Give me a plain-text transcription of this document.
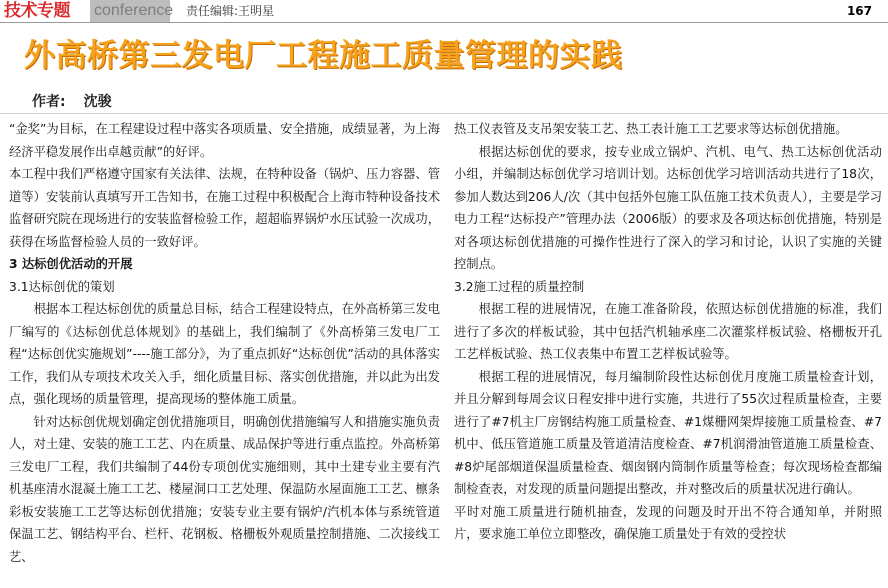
技术专题 conference 责任编辑:王明星	167
外高桥第三发电厂工程施工质量管理的实践
作者: 沈骏

“金奖”为目标，在工程建设过程中落实各项质量、安全措施，成绩显著，为上海经济平稳发展作出卓越贡献”的好评。

本工程中我们严格遵守国家有关法律、法规，在特种设备（锅炉、压力容器、管道等）安装前认真填写开工告知书，在施工过程中积极配合上海市特种设备技术监督研究院在现场进行的安装监督检验工作，超超临界锅炉水压试验一次成功，获得在场监督检验人员的一致好评。

3 达标创优活动的开展

3.1达标创优的策划

根据本工程达标创优的质量总目标，结合工程建设特点，在外高桥第三发电厂编写的《达标创优总体规划》的基础上，我们编制了《外高桥第三发电厂工程“达标创优实施规划”----施工部分》，为了重点抓好“达标创优”活动的具体落实工作，我们从专项技术攻关入手，细化质量目标、落实创优措施，并以此为出发点，强化现场的质量管理，提高现场的整体施工质量。

针对达标创优规划确定创优措施项目，明确创优措施编写人和措施实施负责人，对土建、安装的施工工艺、内在质量、成品保护等进行重点监控。外高桥第三发电厂工程，我们共编制了44份专项创优实施细则，其中土建专业主要有汽机基座清水混凝土施工工艺、楼屋洞口工艺处理、保温防水屋面施工工艺、檩条彩板安装施工工艺等达标创优措施；安装专业主要有锅炉/汽机本体与系统管道保温工艺、钢结构平台、栏杆、花钢板、格栅板外观质量控制措施、二次接线工艺、

热工仪表管及支吊架安装工艺、热工表计施工工艺要求等达标创优措施。

根据达标创优的要求，按专业成立锅炉、汽机、电气、热工达标创优活动小组，并编制达标创优学习培训计划。达标创优学习培训活动共进行了18次，参加人数达到206人/次（其中包括外包施工队伍施工技术负责人），主要是学习电力工程“达标投产”管理办法（2006版）的要求及各项达标创优措施，特别是对各项达标创优措施的可操作性进行了深入的学习和讨论，认识了实施的关键控制点。

3.2施工过程的质量控制

根据工程的进展情况，在施工准备阶段，依照达标创优措施的标准，我们进行了多次的样板试验，其中包括汽机轴承座二次灌浆样板试验、格栅板开孔工艺样板试验、热工仪表集中布置工艺样板试验等。

根据工程的进展情况，每月编制阶段性达标创优月度施工质量检查计划，并且分解到每周会议日程安排中进行实施，共进行了55次过程质量检查，主要进行了#7机主厂房钢结构施工质量检查、#1煤栅网架焊接施工质量检查、#7机中、低压管道施工质量及管道清洁度检查、#7机润滑油管道施工质量检查、#8炉尾部烟道保温质量检查、烟囱钢内筒制作质量等检查；每次现场检查都编制检查表，对发现的质量问题提出整改，并对整改后的质量状况进行确认。

平时对施工质量进行随机抽查，发现的问题及时开出不符合通知单，并附照片，要求施工单位立即整改，确保施工质量处于有效的受控状
